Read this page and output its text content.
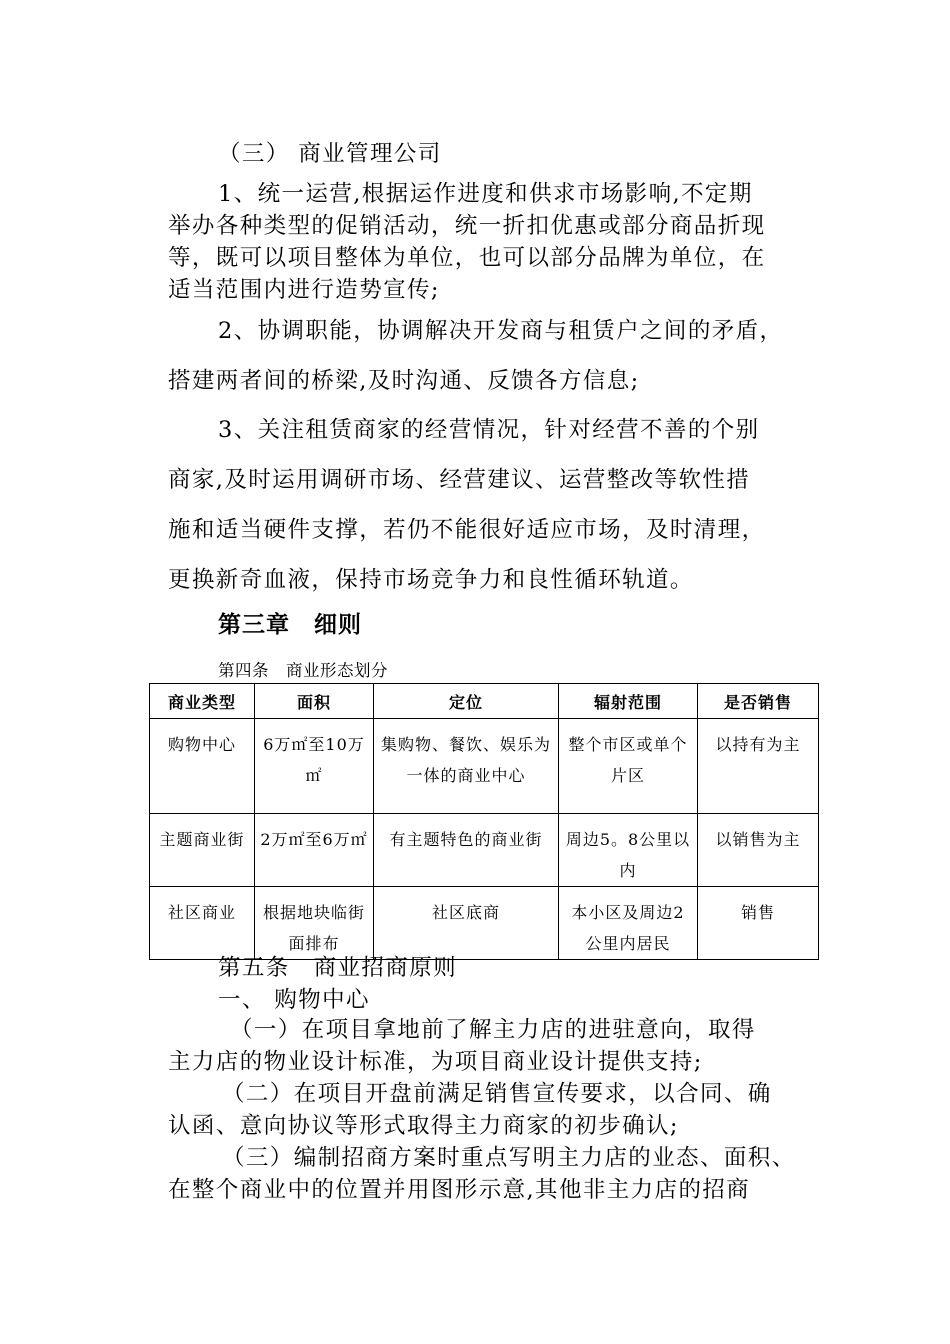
（三） 商业管理公司

1、统一运营,根据运作进度和供求市场影响,不定期

举办各种类型的促销活动，统一折扣优惠或部分商品折现

等，既可以项目整体为单位，也可以部分品牌为单位，在

适当范围内进行造势宣传;

2、协调职能，协调解决开发商与租赁户之间的矛盾，

搭建两者间的桥梁,及时沟通、反馈各方信息;

3、关注租赁商家的经营情况，针对经营不善的个别

商家,及时运用调研市场、经营建议、运营整改等软性措

施和适当硬件支撑，若仍不能很好适应市场，及时清理，

更换新奇血液，保持市场竞争力和良性循环轨道。

第三章　细则

第四条　商业形态划分

商业类型	面积	定位	辐射范围	是否销售
购物中心	6万㎡至10万㎡	集购物、餐饮、娱乐为一体的商业中心	整个市区或单个片区	以持有为主
主题商业街	2万㎡至6万㎡	有主题特色的商业街	周边5。8公里以内	以销售为主
社区商业	根据地块临街面排布	社区底商	本小区及周边2公里内居民	销售

第五条　商业招商原则

一、 购物中心

（一）在项目拿地前了解主力店的进驻意向，取得

主力店的物业设计标准，为项目商业设计提供支持;

（二）在项目开盘前满足销售宣传要求，以合同、确

认函、意向协议等形式取得主力商家的初步确认;

（三）编制招商方案时重点写明主力店的业态、面积、

在整个商业中的位置并用图形示意,其他非主力店的招商
